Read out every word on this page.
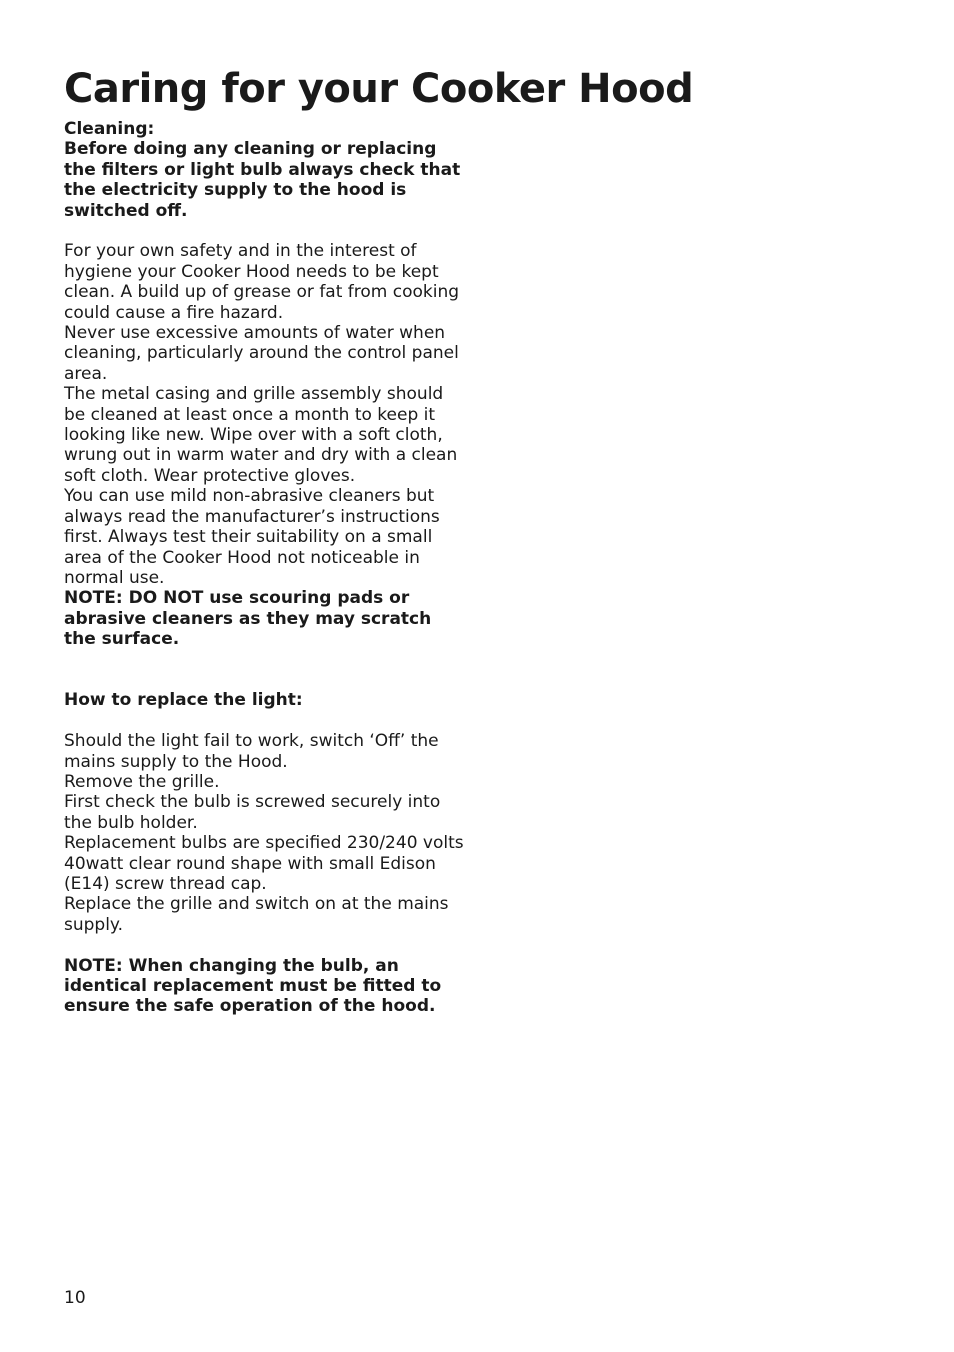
Caring for your Cooker Hood

Cleaning:

Before doing any cleaning or replacing the filters or light bulb always check that the electricity supply to the hood is switched off.

For your own safety and in the interest of hygiene your Cooker Hood needs to be kept clean. A build up of grease or fat from cooking could cause a fire hazard.

Never use excessive amounts of water when cleaning, particularly around the control panel area.

The metal casing and grille assembly should be cleaned at least once a month to keep it looking like new. Wipe over with a soft cloth, wrung out in warm water and dry with a clean soft cloth. Wear protective gloves.

You can use mild non-abrasive cleaners but always read the manufacturer’s instructions first. Always test their suitability on a small area of the Cooker Hood not noticeable in normal use.

NOTE: DO NOT use scouring pads or abrasive cleaners as they may scratch the surface.

How to replace the light:

Should the light fail to work, switch ‘Off’ the mains supply to the Hood.

Remove the grille.

First check the bulb is screwed securely into the bulb holder.

Replacement bulbs are specified 230/240 volts 40watt clear round shape with small Edison (E14) screw thread cap.

Replace the grille and switch on at the mains supply.

NOTE: When changing the bulb, an identical replacement must be fitted to ensure the safe operation of the hood.

10
